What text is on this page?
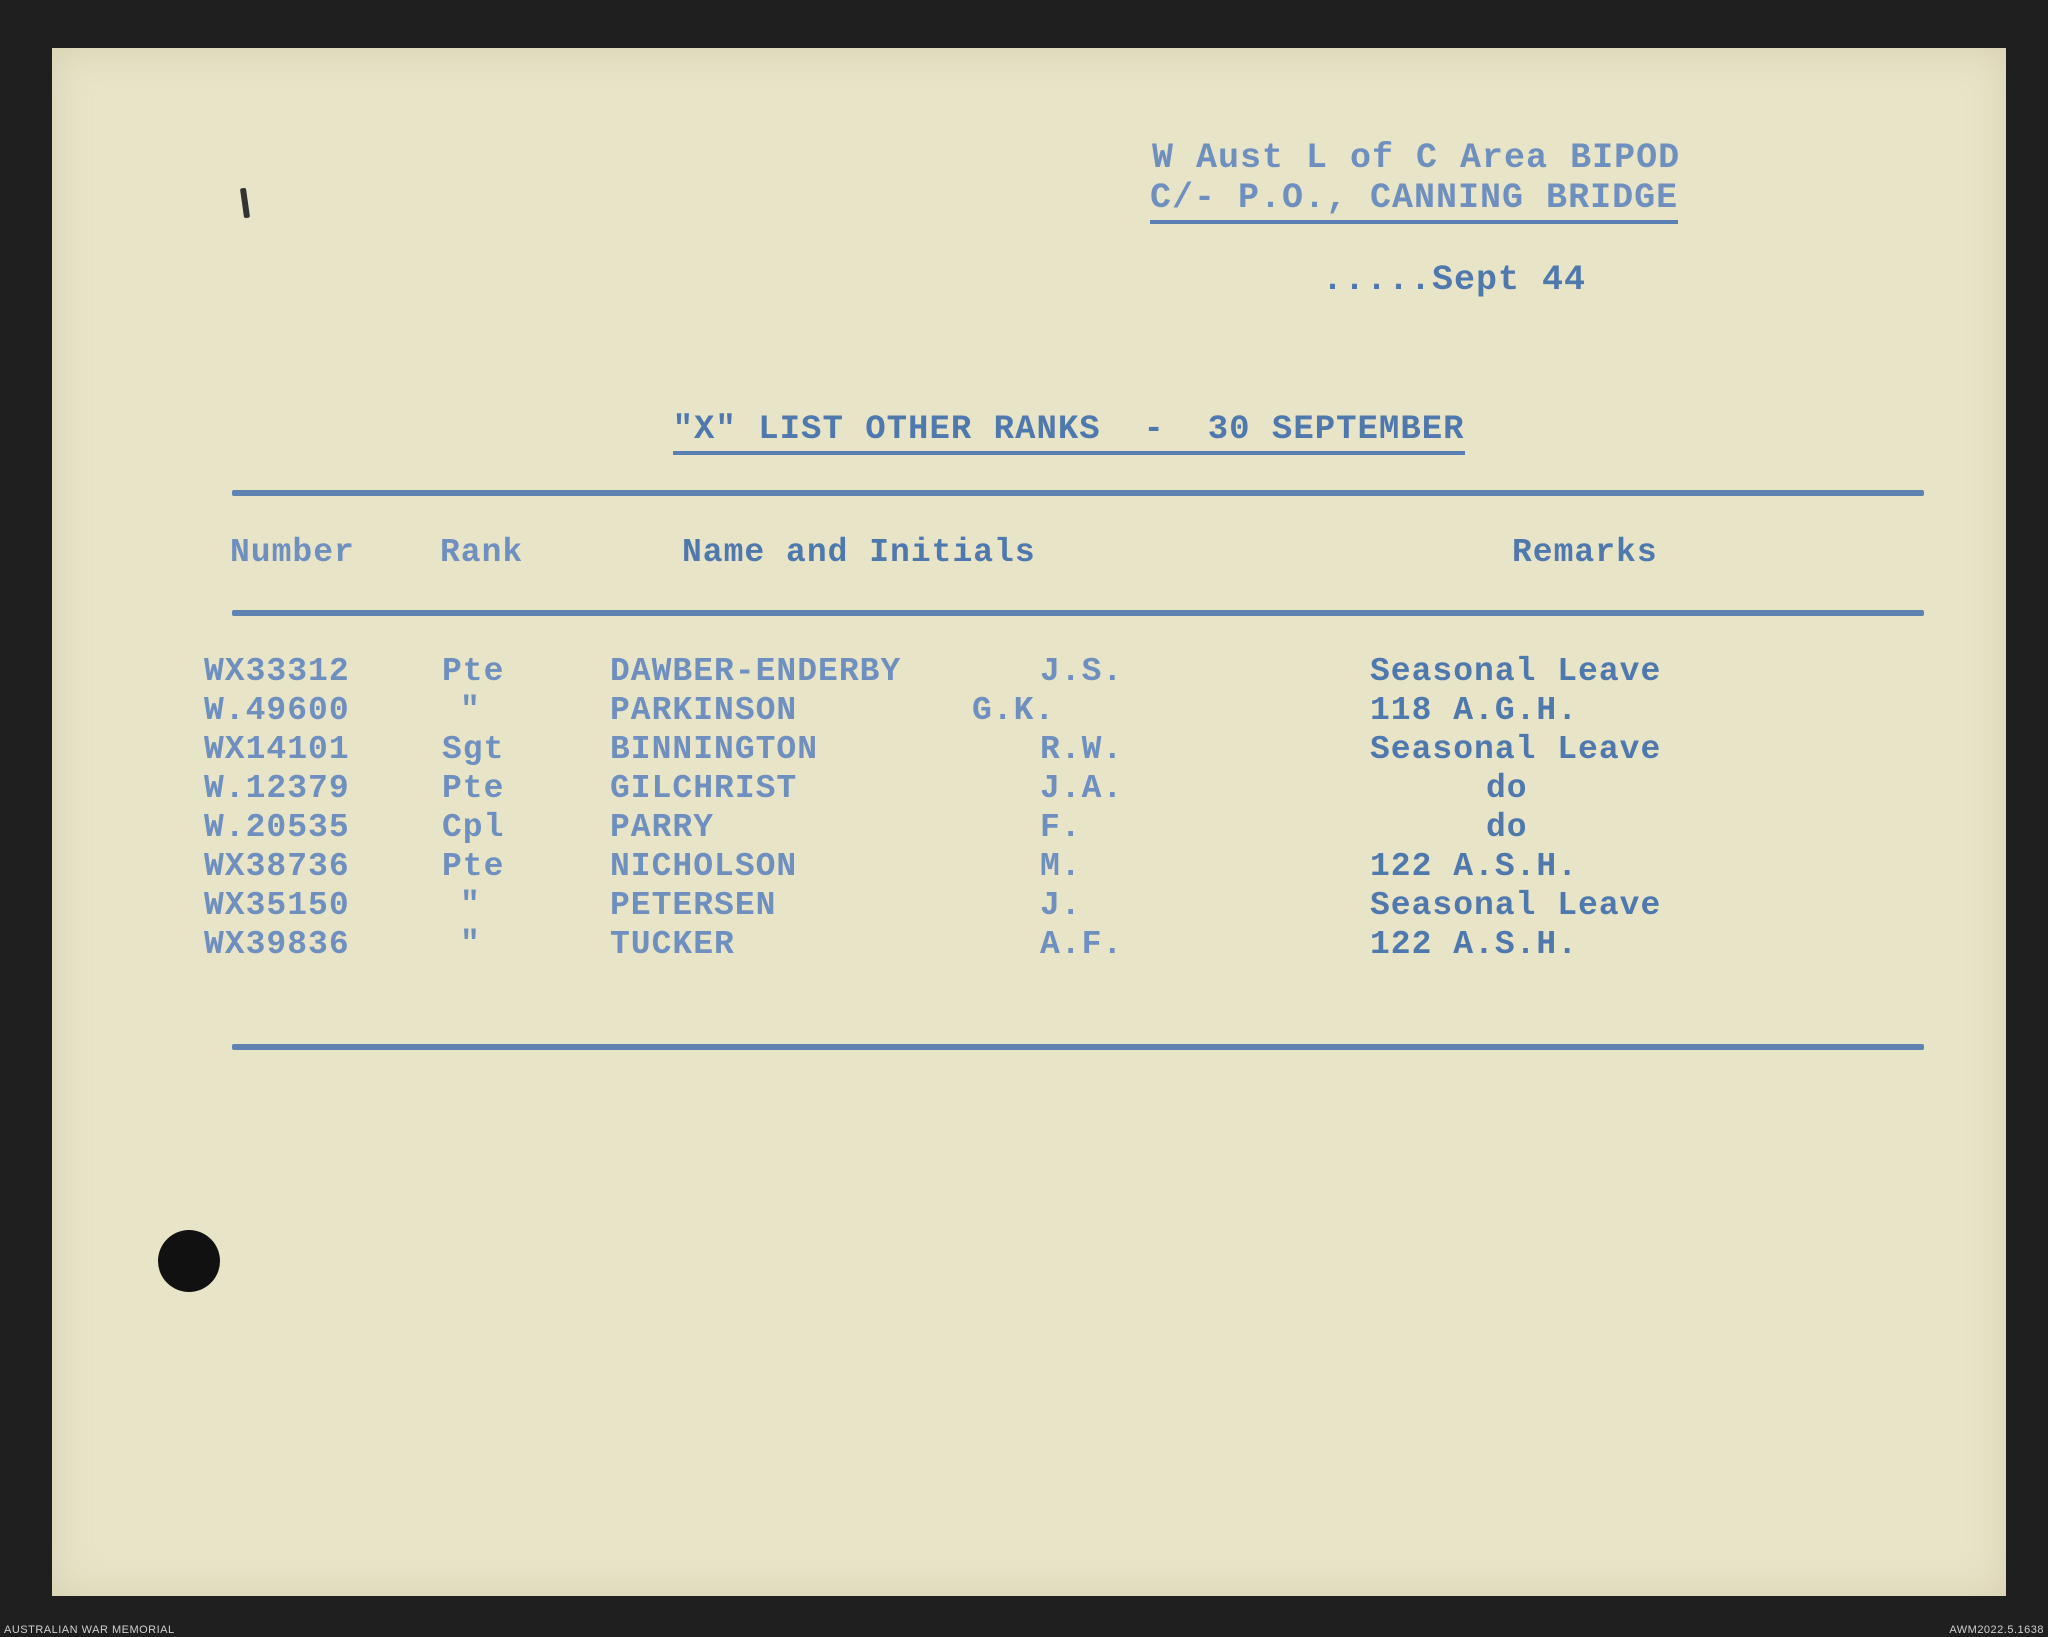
W Aust L of C Area BIPOD
C/- P.O., CANNING BRIDGE
.....Sept 44

"X" LIST OTHER RANKS  -  30 SEPTEMBER

Number	Rank	Name and Initials	Remarks
WX33312	Pte	DAWBER-ENDERBY	J.S.	Seasonal Leave
W.49600	"	PARKINSON	G.K.	118 A.G.H.
WX14101	Sgt	BINNINGTON	R.W.	Seasonal Leave
W.12379	Pte	GILCHRIST	J.A.	do
W.20535	Cpl	PARRY	F.	do
WX38736	Pte	NICHOLSON	M.	122 A.S.H.
WX35150	"	PETERSEN	J.	Seasonal Leave
WX39836	"	TUCKER	A.F.	122 A.S.H.
AUSTRALIAN WAR MEMORIAL	AWM2022.5.1638
